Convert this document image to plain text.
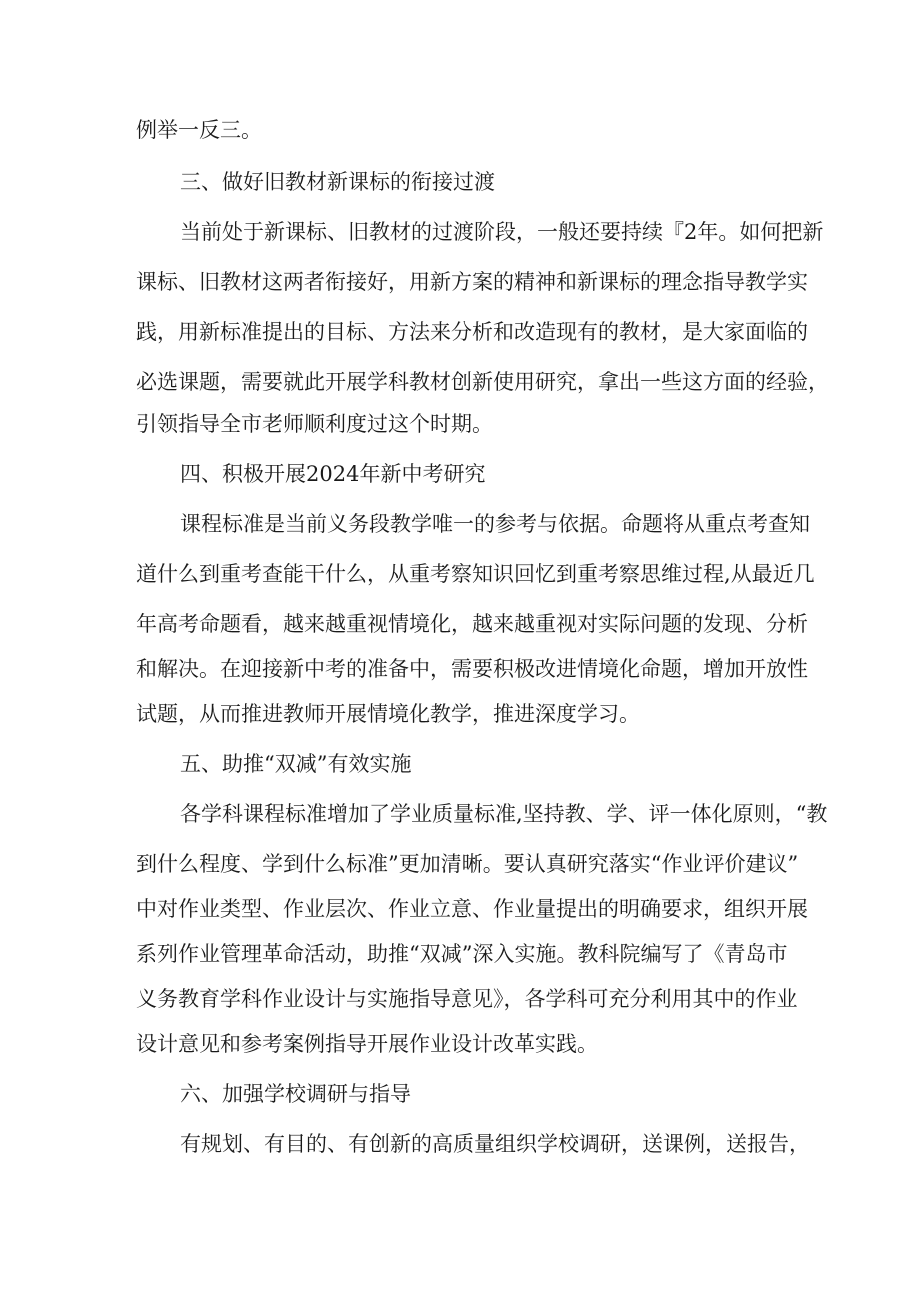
例举一反三。
三、做好旧教材新课标的衔接过渡
当前处于新课标、旧教材的过渡阶段，一般还要持续『2年。如何把新
课标、旧教材这两者衔接好，用新方案的精神和新课标的理念指导教学实
践，用新标准提出的目标、方法来分析和改造现有的教材，是大家面临的
必选课题，需要就此开展学科教材创新使用研究，拿出一些这方面的经验，
引领指导全市老师顺利度过这个时期。
四、积极开展2024年新中考研究
课程标准是当前义务段教学唯一的参考与依据。命题将从重点考查知
道什么到重考查能干什么，从重考察知识回忆到重考察思维过程,从最近几
年高考命题看，越来越重视情境化，越来越重视对实际问题的发现、分析
和解决。在迎接新中考的准备中，需要积极改进情境化命题，增加开放性
试题，从而推进教师开展情境化教学，推进深度学习。
五、助推“双减”有效实施
各学科课程标准增加了学业质量标准,坚持教、学、评一体化原则，“教
到什么程度、学到什么标准”更加清晰。要认真研究落实“作业评价建议”
中对作业类型、作业层次、作业立意、作业量提出的明确要求，组织开展
系列作业管理革命活动，助推“双减”深入实施。教科院编写了《青岛市
义务教育学科作业设计与实施指导意见》，各学科可充分利用其中的作业
设计意见和参考案例指导开展作业设计改革实践。
六、加强学校调研与指导
有规划、有目的、有创新的高质量组织学校调研，送课例，送报告，
